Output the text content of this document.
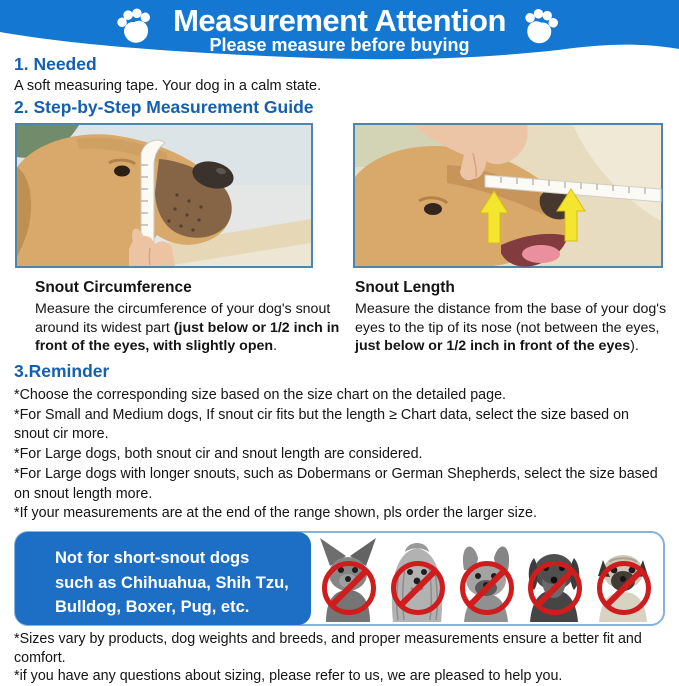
Measurement Attention
Please measure before buying
1. Needed
A soft measuring tape. Your dog in a calm state.
2. Step-by-Step Measurement Guide
Snout Circumference
Measure the circumference of your dog's snout around its widest part (just below or 1/2 inch in front of the eyes, with slightly open.
Snout Length
Measure the distance from the base of your dog's eyes to the tip of its nose (not between the eyes, just below or 1/2 inch in front of the eyes).
3.Reminder
*Choose the corresponding size based on the size chart on the detailed page.
*For Small and Medium dogs, If snout cir fits but the length ≥ Chart data, select the size based on snout cir more.
*For Large dogs, both snout cir and snout length are considered.
*For Large dogs with longer snouts, such as Dobermans or German Shepherds, select the size based on snout length more.
*If your measurements are at the end of the range shown, pls order the larger size.
Not for short-snout dogs
such as Chihuahua, Shih Tzu,
Bulldog, Boxer, Pug, etc.
*Sizes vary by products, dog weights and breeds, and proper measurements ensure a better fit and comfort.
*if you have any questions about sizing, please refer to us, we are pleased to help you.
